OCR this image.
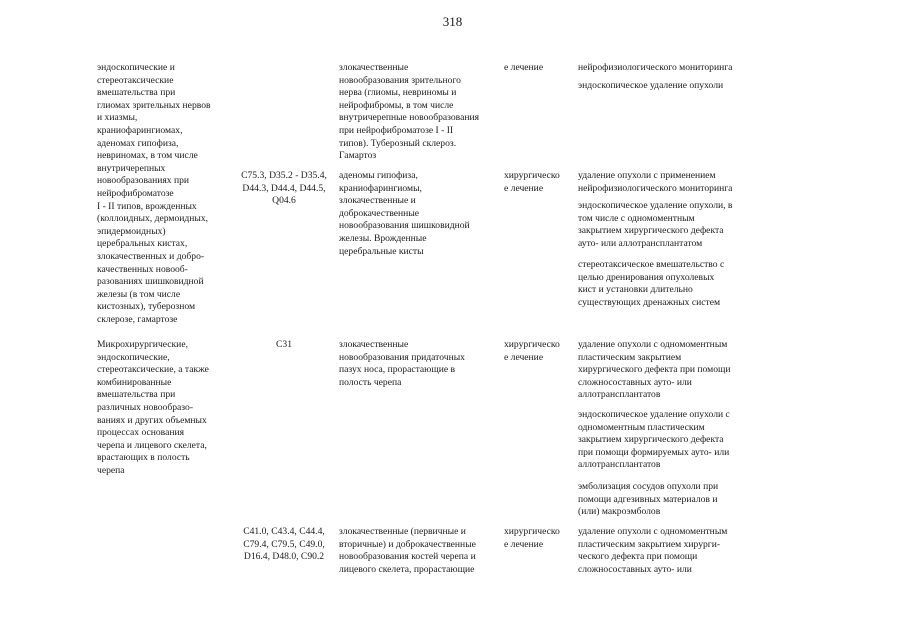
318
эндоскопические и
стереотаксические
вмешательства при
глиомах зрительных нервов
и хиазмы,
краниофарингиомах,
аденомах гипофиза,
невриномах, в том числе
внутричерепных
новообразованиях при
нейрофиброматозе
I - II типов, врожденных
(коллоидных, дермоидных,
эпидермоидных)
церебральных кистах,
злокачественных и добро-
качественных новооб-
разованиях шишковидной
железы (в том числе
кистозных), туберозном
склерозе, гамартозе
злокачественные
новообразования зрительного
нерва (глиомы, невриномы и
нейрофибромы, в том числе
внутричерепные новообразования
при нейрофиброматозе I - II
типов). Туберозный склероз.
Гамартоз
е лечение	нейрофизиологического мониторинга
эндоскопическое удаление опухоли
C75.3, D35.2 - D35.4,
D44.3, D44.4, D44.5,
Q04.6
аденомы гипофиза,
краниофарингиомы,
злокачественные и
доброкачественные
новообразования шишковидной
железы. Врожденные
церебральные кисты
хирургическо
е лечение
удаление опухоли с применением
нейрофизиологического мониторинга
эндоскопическое удаление опухоли, в
том числе с одномоментным
закрытием хирургического дефекта
ауто- или аллотрансплантатом
стереотаксическое вмешательство с
целью дренирования опухолевых
кист и установки длительно
существующих дренажных систем
Микрохирургические,
эндоскопические,
стереотаксические, а также
комбинированные
вмешательства при
различных новообразо-
ваниях и других объемных
процессах основания
черепа и лицевого скелета,
врастающих в полость
черепа
C31	злокачественные
новообразования придаточных
пазух носа, прорастающие в
полость черепа
хирургическо
е лечение
удаление опухоли с одномоментным
пластическим закрытием
хирургического дефекта при помощи
сложносоставных ауто- или
аллотрансплантатов
эндоскопическое удаление опухоли с
одномоментным пластическим
закрытием хирургического дефекта
при помощи формируемых ауто- или
аллотрансплантатов
эмболизация сосудов опухоли при
помощи адгезивных материалов и
(или) макроэмболов
C41.0, C43.4, C44.4,
C79.4, C79.5, C49.0,
D16.4, D48.0, C90.2
злокачественные (первичные и
вторичные) и доброкачественные
новообразования костей черепа и
лицевого скелета, прорастающие
хирургическо
е лечение
удаление опухоли с одномоментным
пластическим закрытием хирурги-
ческого дефекта при помощи
сложносоставных ауто- или
